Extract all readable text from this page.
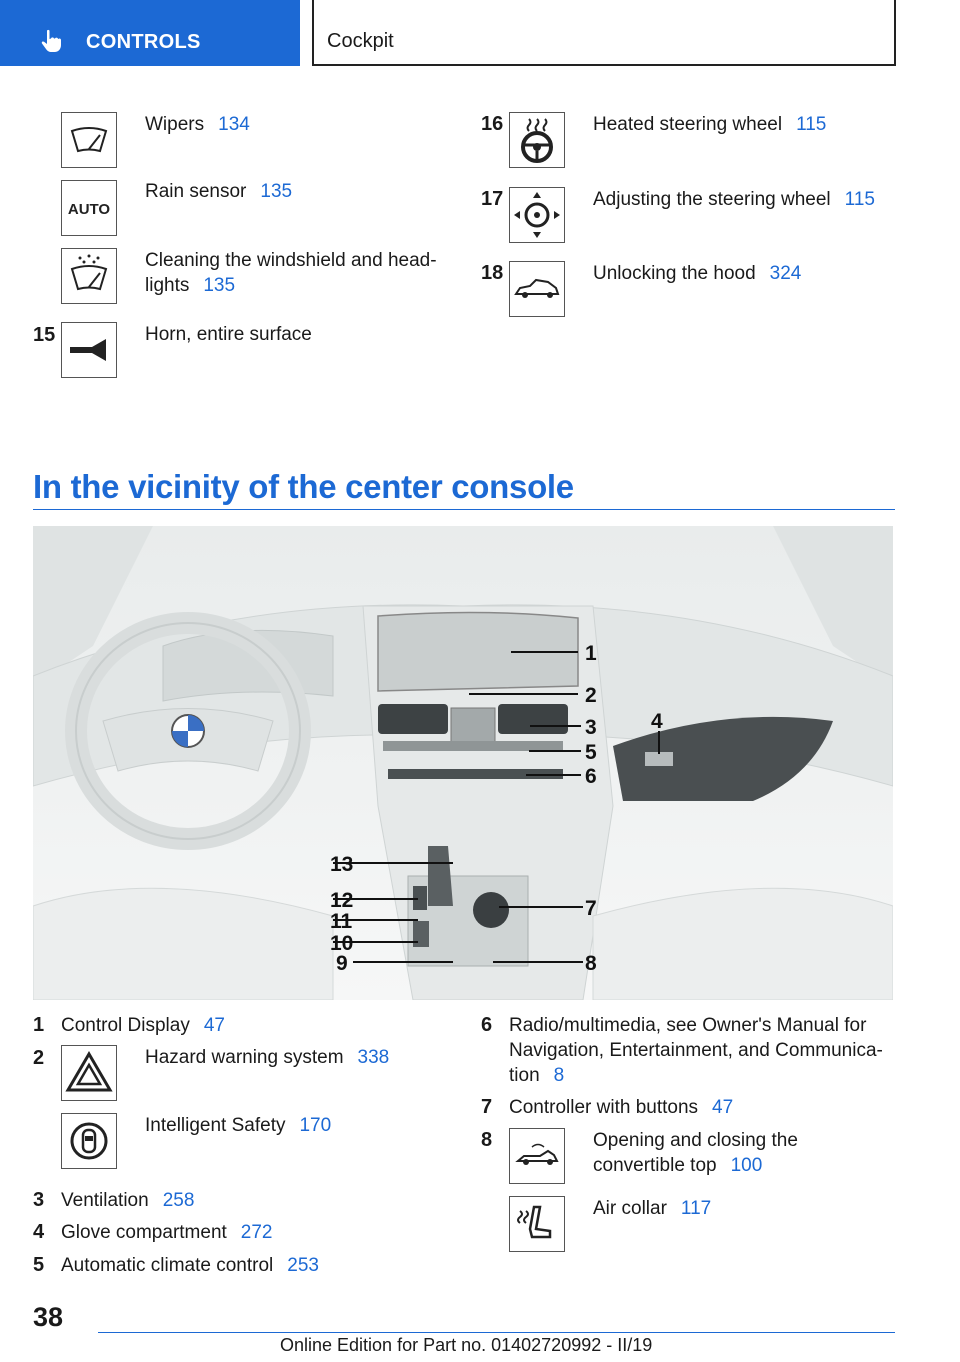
CONTROLS	Cockpit
Wipers 134
AUTO
Rain sensor 135
Cleaning the windshield and head-
lights 135
15	Horn, entire surface
16	Heated steering wheel 115
17	Adjusting the steering wheel 115
18	Unlocking the hood 324
In the vicinity of the center console
1
2
3	4
5
6
7
8
9
10
11
12
13
1 Control Display 47
2	Hazard warning system 338
Intelligent Safety 170
3 Ventilation 258
4 Glove compartment 272
5 Automatic climate control 253
6 Radio/multimedia, see Owner's Manual for
Navigation, Entertainment, and Communica-
tion 8
7 Controller with buttons 47
8	Opening and closing the
convertible top 100
Air collar 117
38
Online Edition for Part no. 01402720992 - II/19
